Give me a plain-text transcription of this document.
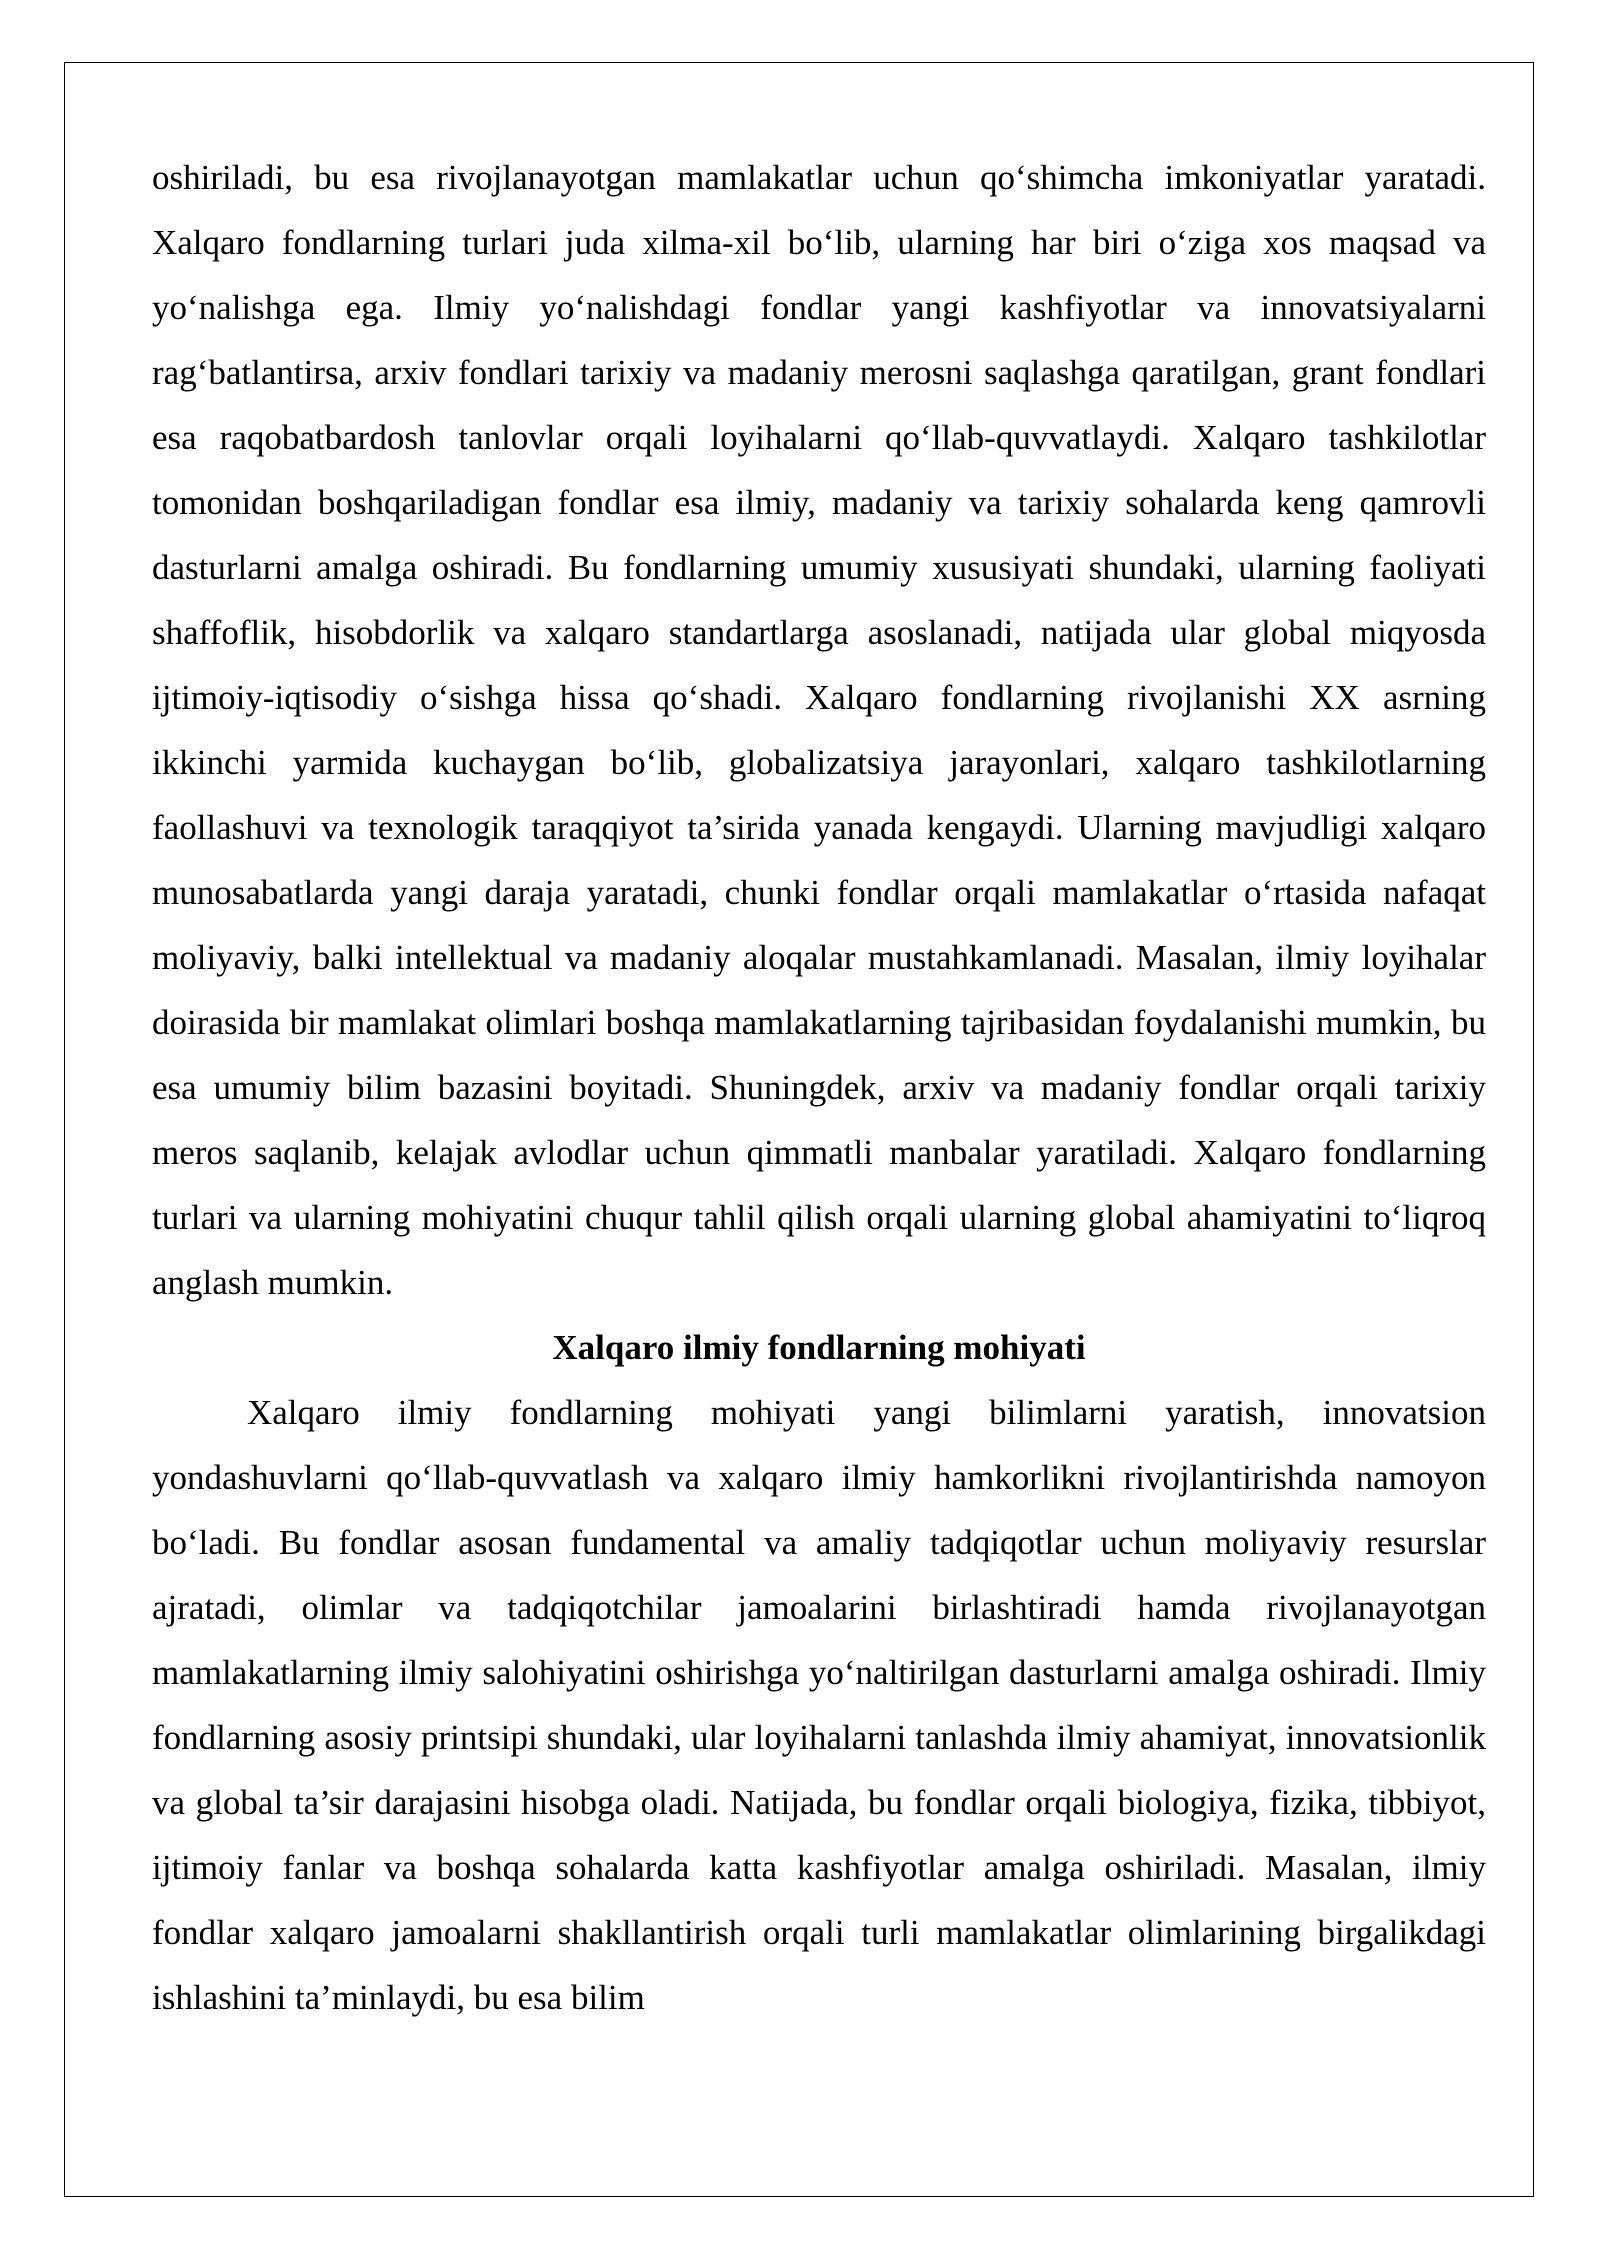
oshiriladi, bu esa rivojlanayotgan mamlakatlar uchun qo‘shimcha imkoniyatlar yaratadi. Xalqaro fondlarning turlari juda xilma-xil bo‘lib, ularning har biri o‘ziga xos maqsad va yo‘nalishga ega. Ilmiy yo‘nalishdagi fondlar yangi kashfiyotlar va innovatsiyalarni rag‘batlantirsa, arxiv fondlari tarixiy va madaniy merosni saqlashga qaratilgan, grant fondlari esa raqobatbardosh tanlovlar orqali loyihalarni qo‘llab-quvvatlaydi. Xalqaro tashkilotlar tomonidan boshqariladigan fondlar esa ilmiy, madaniy va tarixiy sohalarda keng qamrovli dasturlarni amalga oshiradi. Bu fondlarning umumiy xususiyati shundaki, ularning faoliyati shaffoflik, hisobdorlik va xalqaro standartlarga asoslanadi, natijada ular global miqyosda ijtimoiy-iqtisodiy o‘sishga hissa qo‘shadi. Xalqaro fondlarning rivojlanishi XX asrning ikkinchi yarmida kuchaygan bo‘lib, globalizatsiya jarayonlari, xalqaro tashkilotlarning faollashuvi va texnologik taraqqiyot ta’sirida yanada kengaydi. Ularning mavjudligi xalqaro munosabatlarda yangi daraja yaratadi, chunki fondlar orqali mamlakatlar o‘rtasida nafaqat moliyaviy, balki intellektual va madaniy aloqalar mustahkamlanadi. Masalan, ilmiy loyihalar doirasida bir mamlakat olimlari boshqa mamlakatlarning tajribasidan foydalanishi mumkin, bu esa umumiy bilim bazasini boyitadi. Shuningdek, arxiv va madaniy fondlar orqali tarixiy meros saqlanib, kelajak avlodlar uchun qimmatli manbalar yaratiladi. Xalqaro fondlarning turlari va ularning mohiyatini chuqur tahlil qilish orqali ularning global ahamiyatini to‘liqroq anglash mumkin.

Xalqaro ilmiy fondlarning mohiyati

Xalqaro ilmiy fondlarning mohiyati yangi bilimlarni yaratish, innovatsion yondashuvlarni qo‘llab-quvvatlash va xalqaro ilmiy hamkorlikni rivojlantirishda namoyon bo‘ladi. Bu fondlar asosan fundamental va amaliy tadqiqotlar uchun moliyaviy resurslar ajratadi, olimlar va tadqiqotchilar jamoalarini birlashtiradi hamda rivojlanayotgan mamlakatlarning ilmiy salohiyatini oshirishga yo‘naltirilgan dasturlarni amalga oshiradi. Ilmiy fondlarning asosiy printsipi shundaki, ular loyihalarni tanlashda ilmiy ahamiyat, innovatsionlik va global ta’sir darajasini hisobga oladi. Natijada, bu fondlar orqali biologiya, fizika, tibbiyot, ijtimoiy fanlar va boshqa sohalarda katta kashfiyotlar amalga oshiriladi. Masalan, ilmiy fondlar xalqaro jamoalarni shakllantirish orqali turli mamlakatlar olimlarining birgalikdagi ishlashini ta’minlaydi, bu esa bilim
